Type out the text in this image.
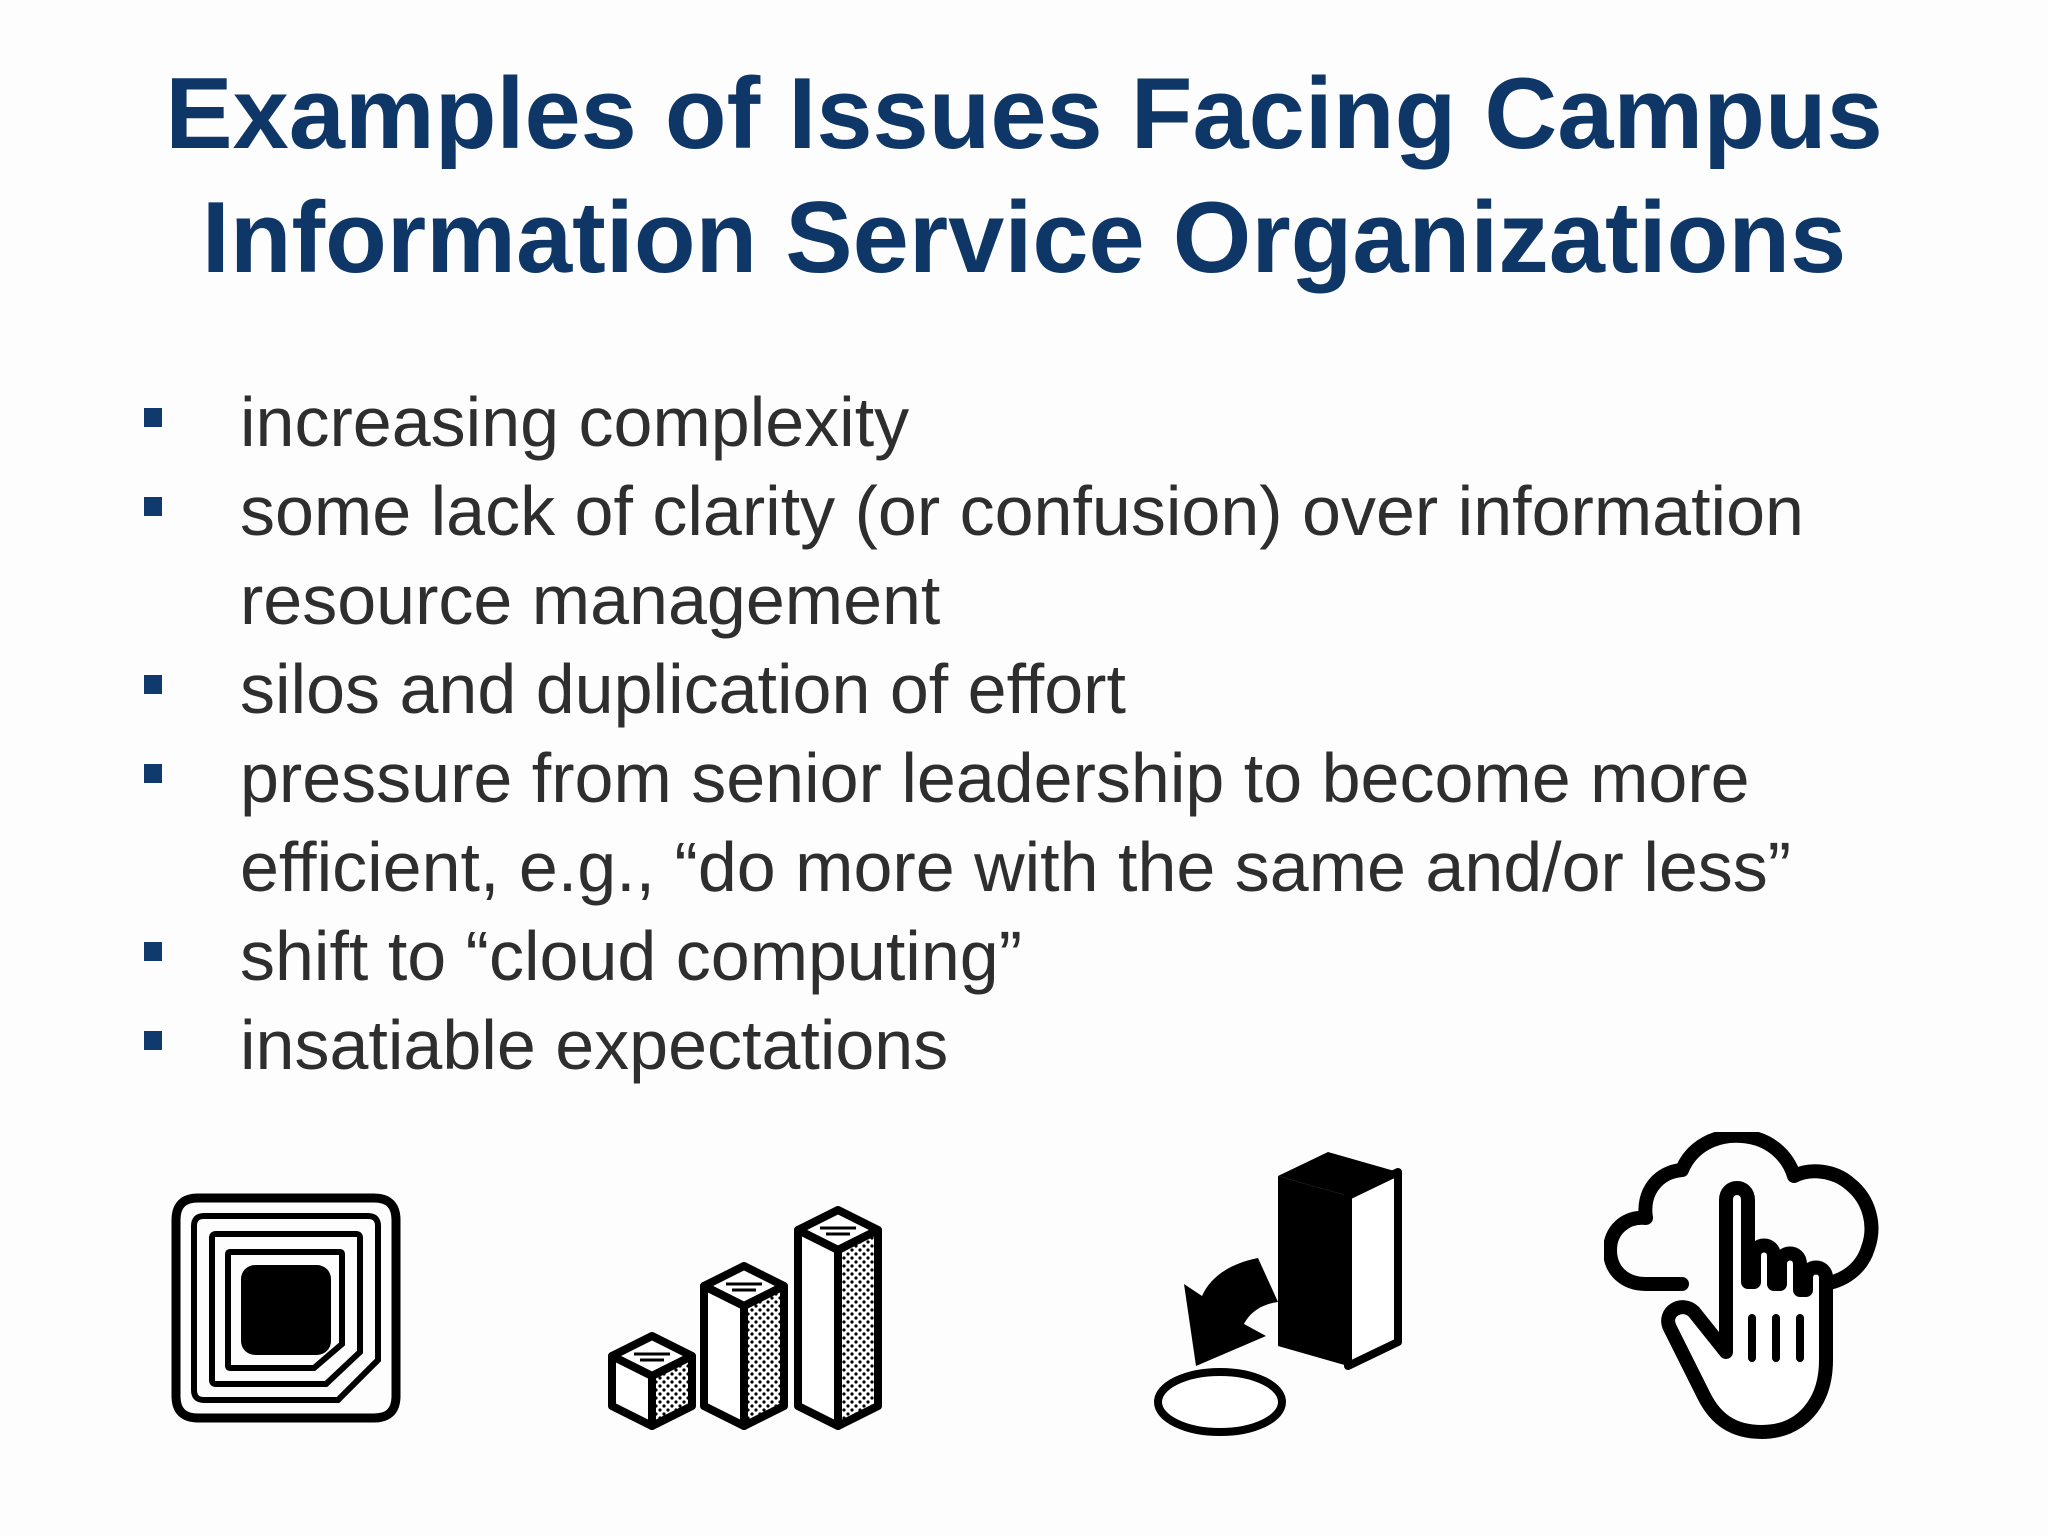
Examples of Issues Facing Campus
Information Service Organizations
increasing complexity
some lack of clarity (or confusion) over information resource management
silos and duplication of effort
pressure from senior leadership to become more efficient, e.g., “do more with the same and/or less”
shift to “cloud computing”
insatiable expectations
